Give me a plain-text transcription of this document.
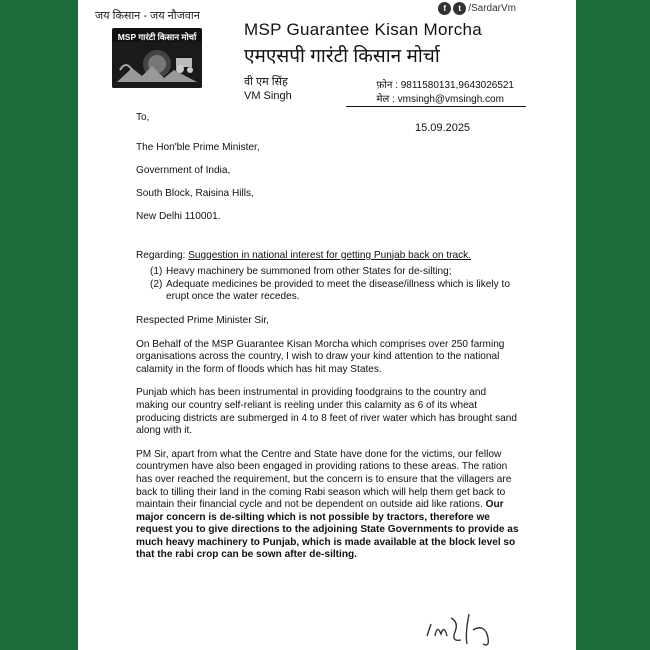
जय किसान - जय नौजवान
MSP गारंटी किसान मोर्चा
f	t /SardarVm
MSP Guarantee Kisan Morcha
एमएसपी गारंटी किसान मोर्चा
वी एम सिंह
VM Singh
फ़ोन : 9811580131,9643026521
मेल : vmsingh@vmsingh.com
15.09.2025

To,

The Hon'ble Prime Minister,
Government of India,
South Block, Raisina Hills,
New Delhi 110001.

Regarding: Suggestion in national interest for getting Punjab back on track.

(1) Heavy machinery be summoned from other States for de-silting;
(2) Adequate medicines be provided to meet the disease/illness which is likely to erupt once the water recedes.

Respected Prime Minister Sir,

On Behalf of the MSP Guarantee Kisan Morcha which comprises over 250 farming organisations across the country, I wish to draw your kind attention to the national calamity in the form of floods which has hit may States.

Punjab which has been instrumental in providing foodgrains to the country and making our country self-reliant is reeling under this calamity as 6 of its wheat producing districts are submerged in 4 to 8 feet of river water which has brought sand along with it.

PM Sir, apart from what the Centre and State have done for the victims, our fellow countrymen have also been engaged in providing rations to these areas. The ration has over reached the requirement, but the concern is to ensure that the villagers are back to tilling their land in the coming Rabi season which will help them get back to maintain their financial cycle and not be dependent on outside aid like rations. Our major concern is de-silting which is not possible by tractors, therefore we request you to give directions to the adjoining State Governments to provide as much heavy machinery to Punjab, which is made available at the block level so that the rabi crop can be sown after de-silting.
